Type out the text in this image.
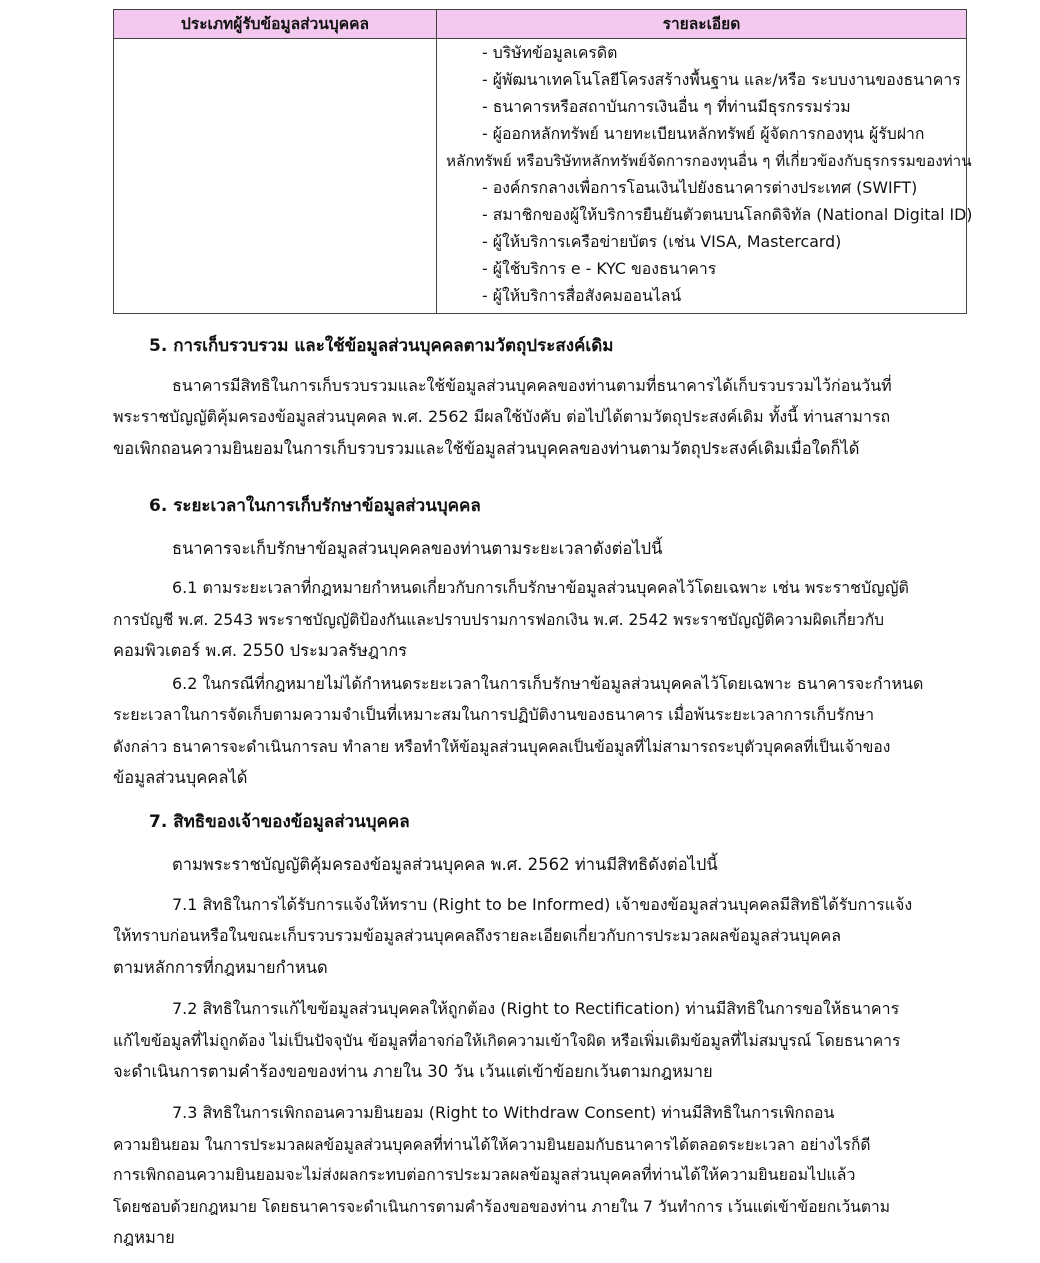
ประเภทผู้รับข้อมูลส่วนบุคคล	รายละเอียด
- บริษัทข้อมูลเครดิต
- ผู้พัฒนาเทคโนโลยีโครงสร้างพื้นฐาน และ/หรือ ระบบงานของธนาคาร
- ธนาคารหรือสถาบันการเงินอื่น ๆ ที่ท่านมีธุรกรรมร่วม
- ผู้ออกหลักทรัพย์ นายทะเบียนหลักทรัพย์ ผู้จัดการกองทุน ผู้รับฝาก
หลักทรัพย์ หรือบริษัทหลักทรัพย์จัดการกองทุนอื่น ๆ ที่เกี่ยวข้องกับธุรกรรมของท่าน
- องค์กรกลางเพื่อการโอนเงินไปยังธนาคารต่างประเทศ (SWIFT)
- สมาชิกของผู้ให้บริการยืนยันตัวตนบนโลกดิจิทัล (National Digital ID)
- ผู้ให้บริการเครือข่ายบัตร (เช่น VISA, Mastercard)
- ผู้ใช้บริการ e - KYC ของธนาคาร
- ผู้ให้บริการสื่อสังคมออนไลน์
5. การเก็บรวบรวม และใช้ข้อมูลส่วนบุคคลตามวัตถุประสงค์เดิม
ธนาคารมีสิทธิในการเก็บรวบรวมและใช้ข้อมูลส่วนบุคคลของท่านตามที่ธนาคารได้เก็บรวบรวมไว้ก่อนวันที่
พระราชบัญญัติคุ้มครองข้อมูลส่วนบุคคล พ.ศ. 2562 มีผลใช้บังคับ ต่อไปได้ตามวัตถุประสงค์เดิม ทั้งนี้ ท่านสามารถ
ขอเพิกถอนความยินยอมในการเก็บรวบรวมและใช้ข้อมูลส่วนบุคคลของท่านตามวัตถุประสงค์เดิมเมื่อใดก็ได้
6. ระยะเวลาในการเก็บรักษาข้อมูลส่วนบุคคล
ธนาคารจะเก็บรักษาข้อมูลส่วนบุคคลของท่านตามระยะเวลาดังต่อไปนี้
6.1 ตามระยะเวลาที่กฎหมายกำหนดเกี่ยวกับการเก็บรักษาข้อมูลส่วนบุคคลไว้โดยเฉพาะ เช่น พระราชบัญญัติ
การบัญชี พ.ศ. 2543 พระราชบัญญัติป้องกันและปราบปรามการฟอกเงิน พ.ศ. 2542 พระราชบัญญัติความผิดเกี่ยวกับ
คอมพิวเตอร์ พ.ศ. 2550 ประมวลรัษฎากร
6.2 ในกรณีที่กฎหมายไม่ได้กำหนดระยะเวลาในการเก็บรักษาข้อมูลส่วนบุคคลไว้โดยเฉพาะ ธนาคารจะกำหนด
ระยะเวลาในการจัดเก็บตามความจำเป็นที่เหมาะสมในการปฏิบัติงานของธนาคาร เมื่อพ้นระยะเวลาการเก็บรักษา
ดังกล่าว ธนาคารจะดำเนินการลบ ทำลาย หรือทำให้ข้อมูลส่วนบุคคลเป็นข้อมูลที่ไม่สามารถระบุตัวบุคคลที่เป็นเจ้าของ
ข้อมูลส่วนบุคคลได้
7. สิทธิของเจ้าของข้อมูลส่วนบุคคล
ตามพระราชบัญญัติคุ้มครองข้อมูลส่วนบุคคล พ.ศ. 2562 ท่านมีสิทธิดังต่อไปนี้
7.1 สิทธิในการได้รับการแจ้งให้ทราบ (Right to be Informed) เจ้าของข้อมูลส่วนบุคคลมีสิทธิได้รับการแจ้ง
ให้ทราบก่อนหรือในขณะเก็บรวบรวมข้อมูลส่วนบุคคลถึงรายละเอียดเกี่ยวกับการประมวลผลข้อมูลส่วนบุคคล
ตามหลักการที่กฎหมายกำหนด
7.2 สิทธิในการแก้ไขข้อมูลส่วนบุคคลให้ถูกต้อง (Right to Rectification) ท่านมีสิทธิในการขอให้ธนาคาร
แก้ไขข้อมูลที่ไม่ถูกต้อง ไม่เป็นปัจจุบัน ข้อมูลที่อาจก่อให้เกิดความเข้าใจผิด หรือเพิ่มเติมข้อมูลที่ไม่สมบูรณ์ โดยธนาคาร
จะดำเนินการตามคำร้องขอของท่าน ภายใน 30 วัน เว้นแต่เข้าข้อยกเว้นตามกฎหมาย
7.3 สิทธิในการเพิกถอนความยินยอม (Right to Withdraw Consent) ท่านมีสิทธิในการเพิกถอน
ความยินยอม ในการประมวลผลข้อมูลส่วนบุคคลที่ท่านได้ให้ความยินยอมกับธนาคารได้ตลอดระยะเวลา อย่างไรก็ดี
การเพิกถอนความยินยอมจะไม่ส่งผลกระทบต่อการประมวลผลข้อมูลส่วนบุคคลที่ท่านได้ให้ความยินยอมไปแล้ว
โดยชอบด้วยกฎหมาย โดยธนาคารจะดำเนินการตามคำร้องขอของท่าน ภายใน 7 วันทำการ เว้นแต่เข้าข้อยกเว้นตาม
กฎหมาย
